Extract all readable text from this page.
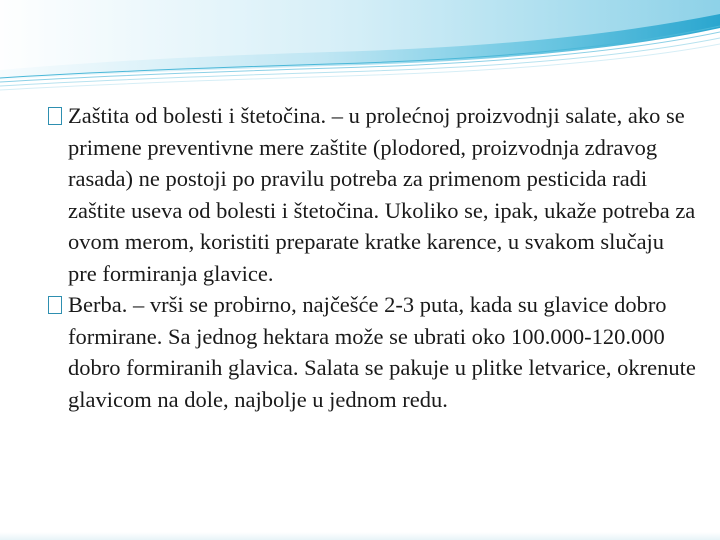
Zaštita od bolesti i štetočina. – u prolećnoj proizvodnji salate, ako se primene preventivne mere zaštite (plodored, proizvodnja zdravog rasada) ne postoji po pravilu potreba za primenom pesticida radi zaštite useva od bolesti i štetočina. Ukoliko se, ipak, ukaže potreba za ovom merom, koristiti preparate kratke karence, u svakom slučaju pre formiranja glavice.

Berba. – vrši se probirno, najčešće 2-3 puta, kada su glavice dobro formirane. Sa jednog hektara može se ubrati oko 100.000-120.000 dobro formiranih glavica. Salata se pakuje u plitke letvarice, okrenute glavicom na dole, najbolje u jednom redu.
